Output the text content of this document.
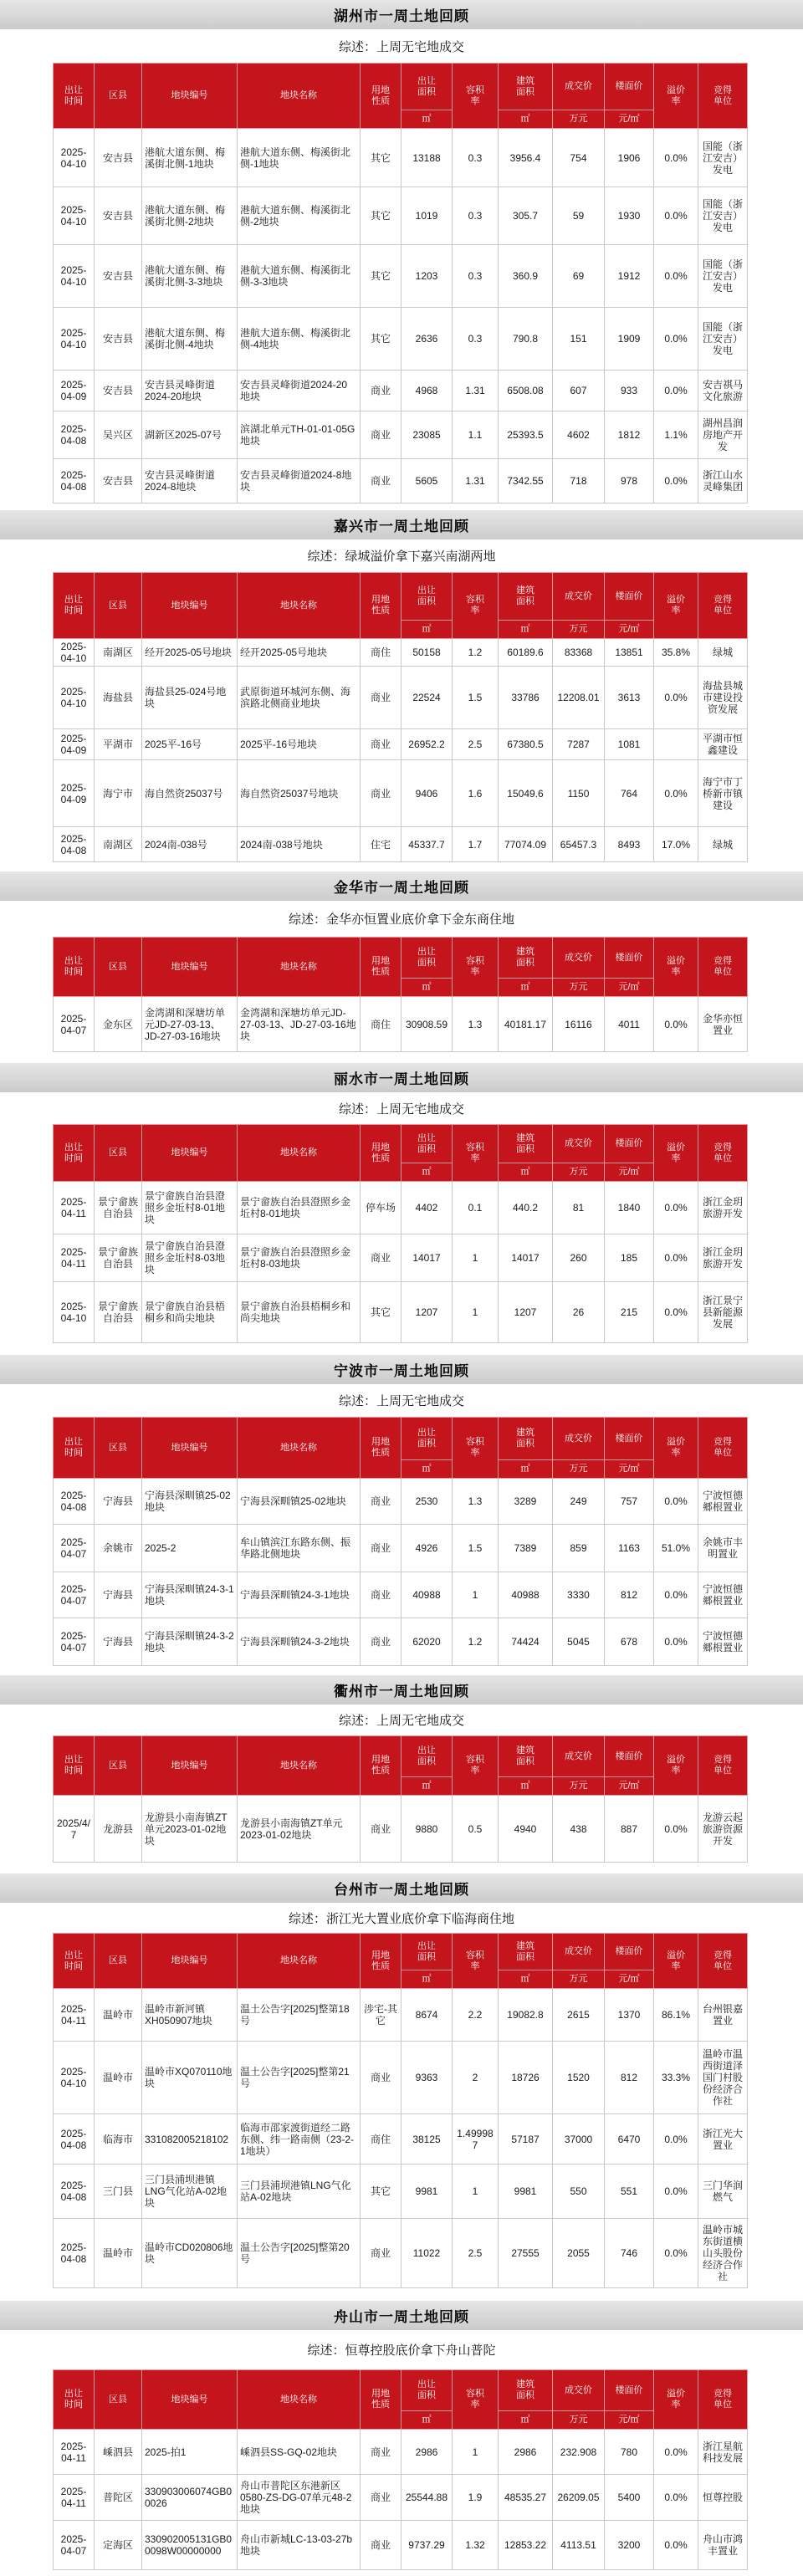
湖州市一周土地回顾
综述：上周无宅地成交
出让时间	区县	地块编号	地块名称	用地性质	出让面积	容积率	建筑面积	成交价	楼面价	溢价率	竞得单位
					㎡		㎡	万元	元/㎡		
2025-04-10	安吉县	港航大道东侧、梅溪街北侧-1地块	港航大道东侧、梅溪街北侧-1地块	其它	13188	0.3	3956.4	754	1906	0.0%	国能（浙江安吉）发电
2025-04-10	安吉县	港航大道东侧、梅溪街北侧-2地块	港航大道东侧、梅溪街北侧-2地块	其它	1019	0.3	305.7	59	1930	0.0%	国能（浙江安吉）发电
2025-04-10	安吉县	港航大道东侧、梅溪街北侧-3-3地块	港航大道东侧、梅溪街北侧-3-3地块	其它	1203	0.3	360.9	69	1912	0.0%	国能（浙江安吉）发电
2025-04-10	安吉县	港航大道东侧、梅溪街北侧-4地块	港航大道东侧、梅溪街北侧-4地块	其它	2636	0.3	790.8	151	1909	0.0%	国能（浙江安吉）发电
2025-04-09	安吉县	安吉县灵峰街道2024-20地块	安吉县灵峰街道2024-20地块	商业	4968	1.31	6508.08	607	933	0.0%	安吉祺马文化旅游
2025-04-08	吴兴区	湖新区2025-07号	滨湖北单元TH-01-01-05G地块	商业	23085	1.1	25393.5	4602	1812	1.1%	湖州昌润房地产开发
2025-04-08	安吉县	安吉县灵峰街道2024-8地块	安吉县灵峰街道2024-8地块	商业	5605	1.31	7342.55	718	978	0.0%	浙江山水灵峰集团
嘉兴市一周土地回顾
综述：绿城溢价拿下嘉兴南湖两地
出让时间	区县	地块编号	地块名称	用地性质	出让面积	容积率	建筑面积	成交价	楼面价	溢价率	竞得单位
					㎡		㎡	万元	元/㎡		
2025-04-10	南湖区	经开2025-05号地块	经开2025-05号地块	商住	50158	1.2	60189.6	83368	13851	35.8%	绿城
2025-04-10	海盐县	海盐县25-024号地块	武原街道环城河东侧、海滨路北侧商业地块	商业	22524	1.5	33786	12208.01	3613	0.0%	海盐县城市建设投资发展
2025-04-09	平湖市	2025平-16号	2025平-16号地块	商业	26952.2	2.5	67380.5	7287	1081		平湖市恒鑫建设
2025-04-09	海宁市	海自然资25037号	海自然资25037号地块	商业	9406	1.6	15049.6	1150	764	0.0%	海宁市丁桥新市镇建设
2025-04-08	南湖区	2024南-038号	2024南-038号地块	住宅	45337.7	1.7	77074.09	65457.3	8493	17.0%	绿城
金华市一周土地回顾
综述：金华亦恒置业底价拿下金东商住地
出让时间	区县	地块编号	地块名称	用地性质	出让面积	容积率	建筑面积	成交价	楼面价	溢价率	竞得单位
					㎡		㎡	万元	元/㎡		
2025-04-07	金东区	金湾湖和深塘坊单元JD-27-03-13、JD-27-03-16地块	金湾湖和深塘坊单元JD-27-03-13、JD-27-03-16地块	商住	30908.59	1.3	40181.17	16116	4011	0.0%	金华亦恒置业
丽水市一周土地回顾
综述：上周无宅地成交
出让时间	区县	地块编号	地块名称	用地性质	出让面积	容积率	建筑面积	成交价	楼面价	溢价率	竞得单位
					㎡		㎡	万元	元/㎡		
2025-04-11	景宁畲族自治县	景宁畲族自治县澄照乡金坵村8-01地块	景宁畲族自治县澄照乡金坵村8-01地块	停车场	4402	0.1	440.2	81	1840	0.0%	浙江金玥旅游开发
2025-04-11	景宁畲族自治县	景宁畲族自治县澄照乡金坵村8-03地块	景宁畲族自治县澄照乡金坵村8-03地块	商业	14017	1	14017	260	185	0.0%	浙江金玥旅游开发
2025-04-10	景宁畲族自治县	景宁畲族自治县梧桐乡和尚尖地块	景宁畲族自治县梧桐乡和尚尖地块	其它	1207	1	1207	26	215	0.0%	浙江景宁县新能源发展
宁波市一周土地回顾
综述：上周无宅地成交
出让时间	区县	地块编号	地块名称	用地性质	出让面积	容积率	建筑面积	成交价	楼面价	溢价率	竞得单位
					㎡		㎡	万元	元/㎡		
2025-04-08	宁海县	宁海县深甽镇25-02地块	宁海县深甽镇25-02地块	商业	2530	1.3	3289	249	757	0.0%	宁波恒德郷根置业
2025-04-07	余姚市	2025-2	牟山镇滨江东路东侧、振华路北侧地块	商业	4926	1.5	7389	859	1163	51.0%	余姚市丰明置业
2025-04-07	宁海县	宁海县深甽镇24-3-1地块	宁海县深甽镇24-3-1地块	商业	40988	1	40988	3330	812	0.0%	宁波恒德郷根置业
2025-04-07	宁海县	宁海县深甽镇24-3-2地块	宁海县深甽镇24-3-2地块	商业	62020	1.2	74424	5045	678	0.0%	宁波恒德郷根置业
衢州市一周土地回顾
综述：上周无宅地成交
出让时间	区县	地块编号	地块名称	用地性质	出让面积	容积率	建筑面积	成交价	楼面价	溢价率	竞得单位
					㎡		㎡	万元	元/㎡		
2025/4/7	龙游县	龙游县小南海镇ZT单元2023-01-02地块	龙游县小南海镇ZT单元2023-01-02地块	商业	9880	0.5	4940	438	887	0.0%	龙游云起旅游资源开发
台州市一周土地回顾
综述：浙江光大置业底价拿下临海商住地
出让时间	区县	地块编号	地块名称	用地性质	出让面积	容积率	建筑面积	成交价	楼面价	溢价率	竞得单位
					㎡		㎡	万元	元/㎡		
2025-04-11	温岭市	温岭市新河镇XH050907地块	温土公告字[2025]整第18号	涉宅-其它	8674	2.2	19082.8	2615	1370	86.1%	台州银嘉置业
2025-04-10	温岭市	温岭市XQ070110地块	温土公告字[2025]整第21号	商业	9363	2	18726	1520	812	33.3%	温岭市温西街道泽国门村股份经济合作社
2025-04-08	临海市	331082005218102	临海市邵家渡街道经二路东侧、纬一路南侧（23-2-1地块）	商住	38125	1.499987	57187	37000	6470	0.0%	浙江光大置业
2025-04-08	三门县	三门县浦坝港镇LNG气化站A-02地块	三门县浦坝港镇LNG气化站A-02地块	其它	9981	1	9981	550	551	0.0%	三门华润燃气
2025-04-08	温岭市	温岭市CD020806地块	温土公告字[2025]整第20号	商业	11022	2.5	27555	2055	746	0.0%	温岭市城东街道横山头股份经济合作社
舟山市一周土地回顾
综述：恒尊控股底价拿下舟山普陀
出让时间	区县	地块编号	地块名称	用地性质	出让面积	容积率	建筑面积	成交价	楼面价	溢价率	竞得单位
					㎡		㎡	万元	元/㎡		
2025-04-11	嵊泗县	2025-拍1	嵊泗县SS-GQ-02地块	商业	2986	1	2986	232.908	780	0.0%	浙江星航科技发展
2025-04-11	普陀区	330903006074GB00026	舟山市普陀区东港新区0580-ZS-DG-07单元48-2地块	商业	25544.88	1.9	48535.27	26209.05	5400	0.0%	恒尊控股
2025-04-07	定海区	330902005131GB00098W00000000	舟山市新城LC-13-03-27b地块	商业	9737.29	1.32	12853.22	4113.51	3200	0.0%	舟山市鸿丰置业
